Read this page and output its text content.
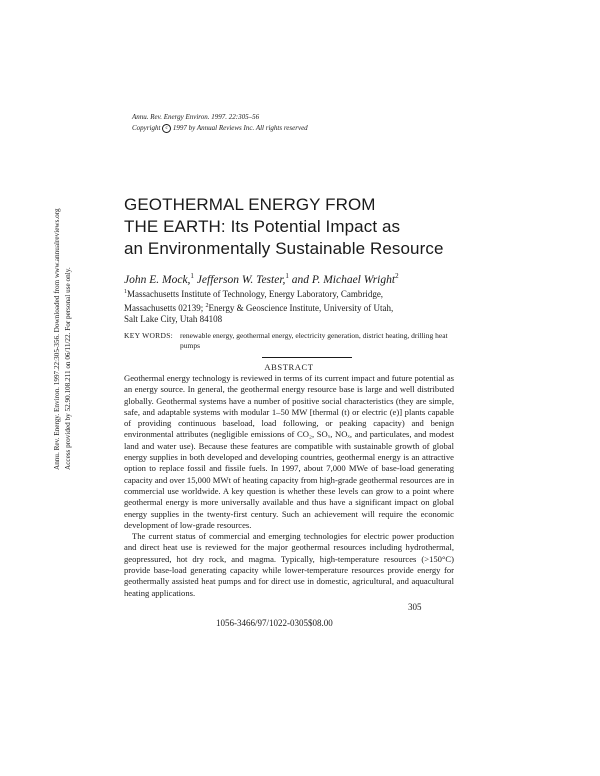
Annu. Rev. Energy Environ. 1997. 22:305–56
Copyright c 1997 by Annual Reviews Inc. All rights reserved
Annu. Rev. Energy. Environ. 1997.22:305-356. Downloaded from www.annualreviews.org Access provided by 52.90.108.211 on 06/11/22. For personal use only.
GEOTHERMAL ENERGY FROM
THE EARTH: Its Potential Impact as
an Environmentally Sustainable Resource
John E. Mock,$^1$ Jefferson W. Tester,$^1$ and P. Michael Wright$^2$
$^1$Massachusetts Institute of Technology, Energy Laboratory, Cambridge,
Massachusetts 02139; $^2$Energy & Geoscience Institute, University of Utah,
Salt Lake City, Utah 84108
KEY WORDS: renewable energy, geothermal energy, electricity generation, district heating, drilling heat pumps
ABSTRACT

Geothermal energy technology is reviewed in terms of its current impact and future potential as an energy source. In general, the geothermal energy resource base is large and well distributed globally. Geothermal systems have a number of positive social characteristics (they are simple, safe, and adaptable systems with modular 1–50 MW [thermal (t) or electric (e)] plants capable of providing continuous baseload, load following, or peaking capacity) and benign environmental attributes (negligible emissions of CO₂, SOₓ, NOₓ, and particulates, and modest land and water use). Because these features are compatible with sustainable growth of global energy supplies in both developed and developing countries, geothermal energy is an attractive option to replace fossil and fissile fuels. In 1997, about 7,000 MWe of base-load generating capacity and over 15,000 MWt of heating capacity from high-grade geothermal resources are in commercial use worldwide. A key question is whether these levels can grow to a point where geothermal energy is more universally available and thus have a significant impact on global energy supplies in the twenty-first century. Such an achievement will require the economic development of low-grade resources.

The current status of commercial and emerging technologies for electric power production and direct heat use is reviewed for the major geothermal resources including hydrothermal, geopressured, hot dry rock, and magma. Typically, high-temperature resources (>150°C) provide base-load generating capacity while lower-temperature resources provide energy for geothermally assisted heat pumps and for direct use in domestic, agricultural, and aquacultural heating applications.

305
1056-3466/97/1022-0305$08.00
